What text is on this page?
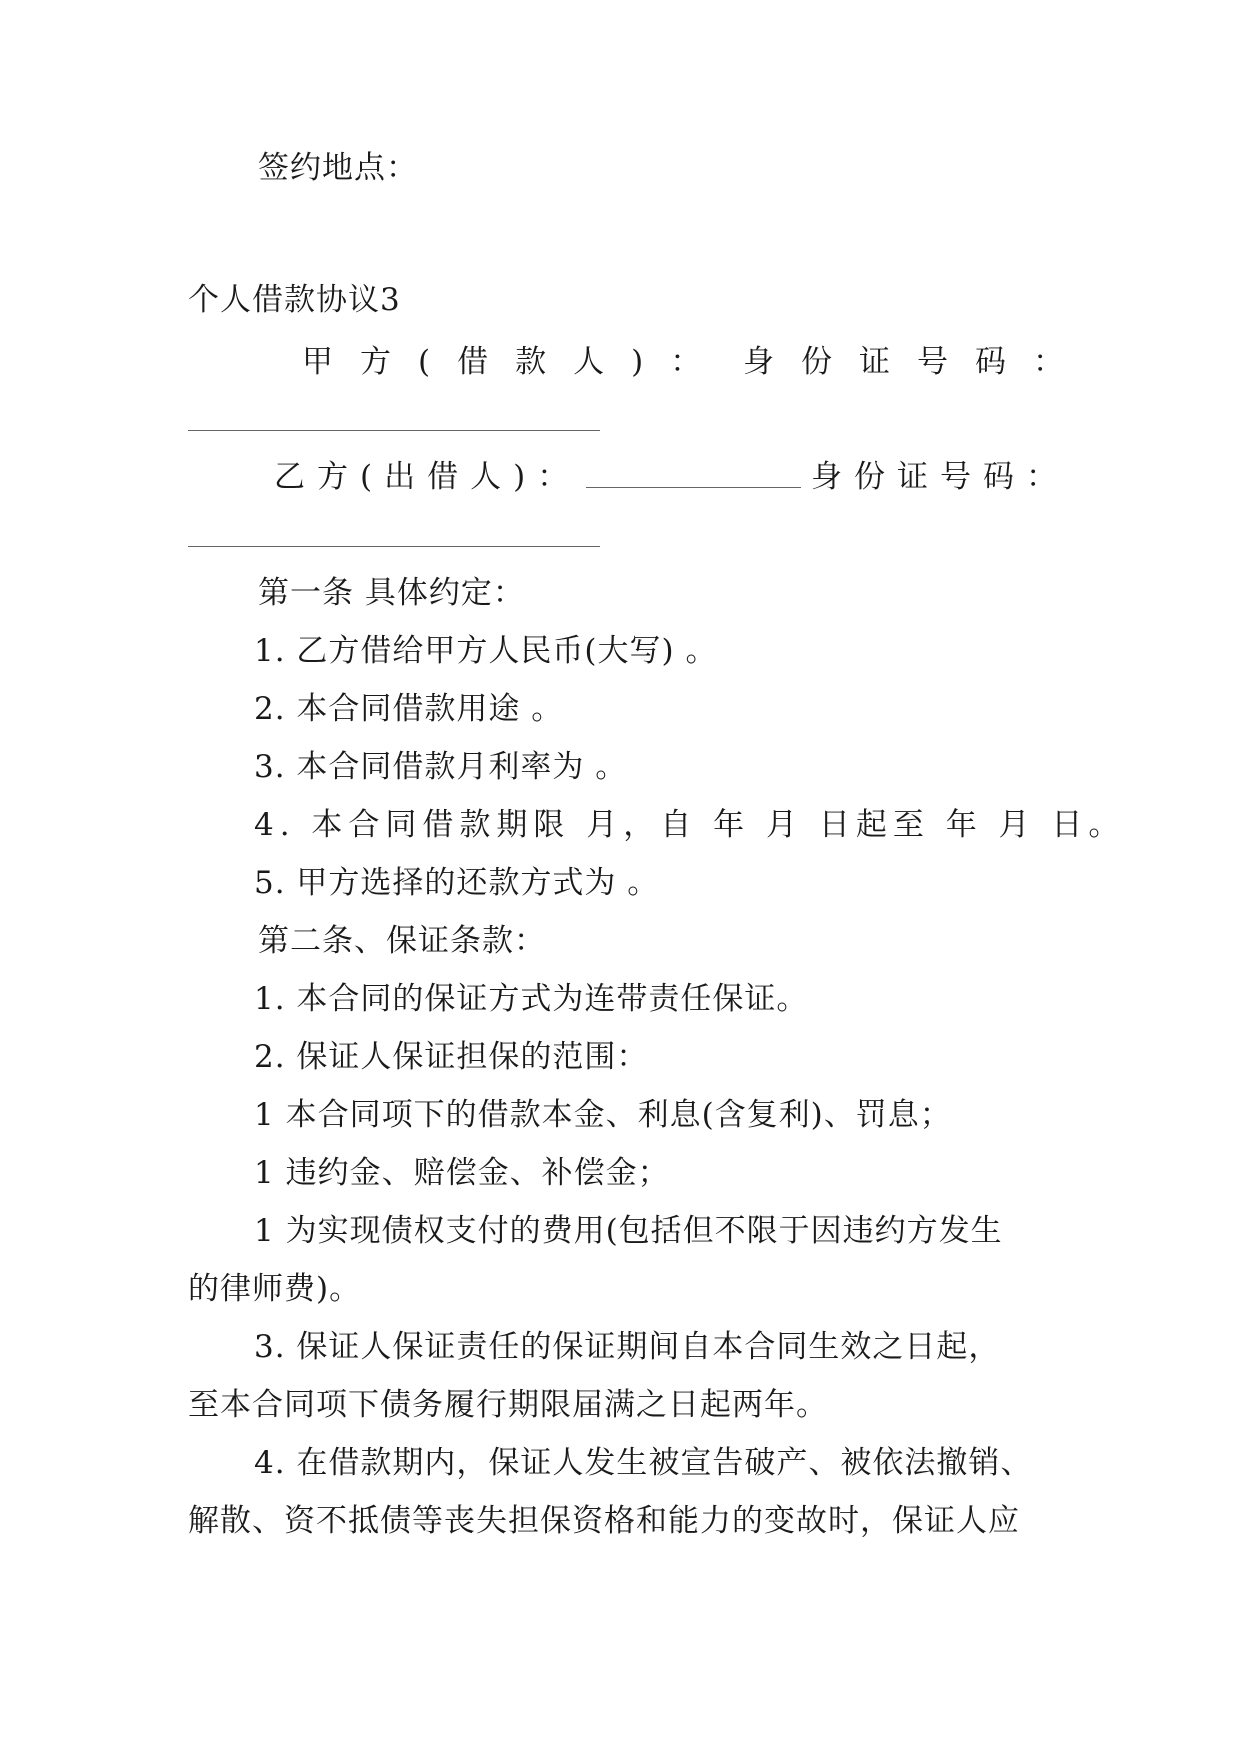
签约地点：
个人借款协议3
甲方(借款人)： 身份证号码：
乙方(出借人)：	身份证号码：
第一条 具体约定：
1. 乙方借给甲方人民币(大写) 。
2. 本合同借款用途 。
3. 本合同借款月利率为 。
4. 本合同借款期限 月，自 年 月 日起至 年 月 日。
5. 甲方选择的还款方式为 。
第二条、保证条款：
1. 本合同的保证方式为连带责任保证。
2. 保证人保证担保的范围：
1 本合同项下的借款本金、利息(含复利)、罚息；
1 违约金、赔偿金、补偿金；
1 为实现债权支付的费用(包括但不限于因违约方发生
的律师费)。
3. 保证人保证责任的保证期间自本合同生效之日起，
至本合同项下债务履行期限届满之日起两年。
4. 在借款期内，保证人发生被宣告破产、被依法撤销、
解散、资不抵债等丧失担保资格和能力的变故时，保证人应
